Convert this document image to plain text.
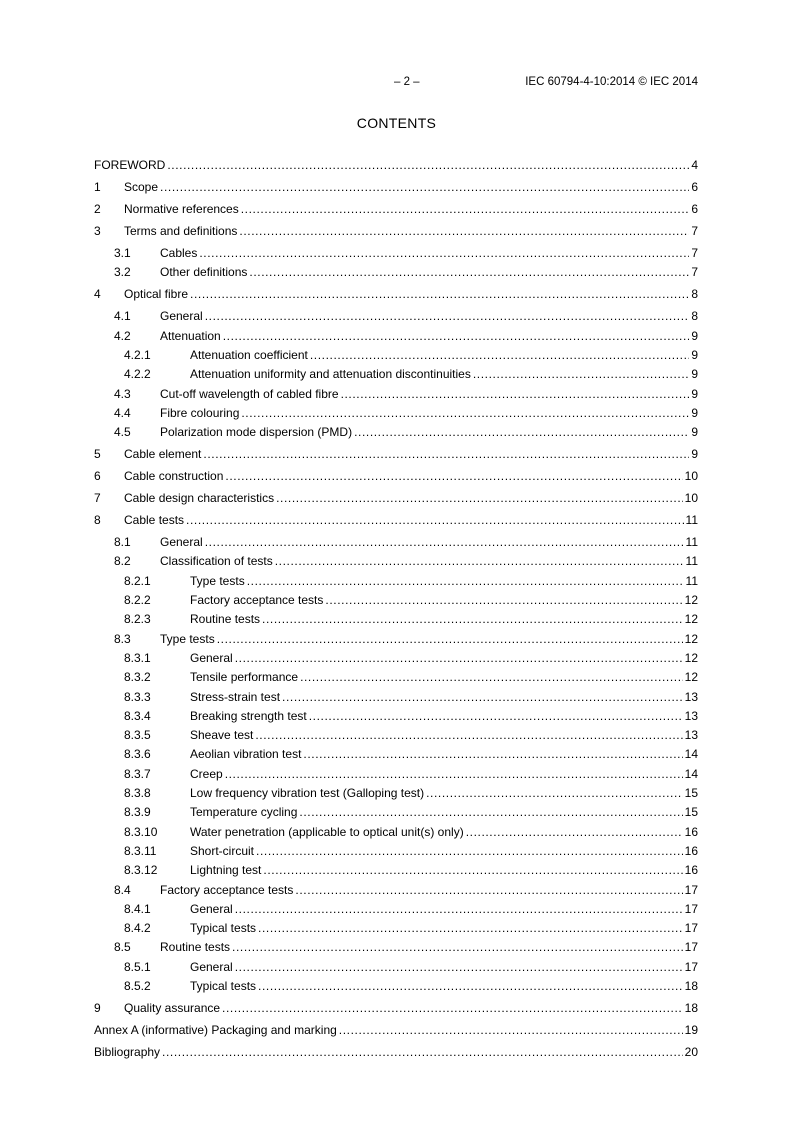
– 2 –	IEC 60794-4-10:2014 © IEC 2014
CONTENTS
FOREWORD .....	4
1	Scope .....	6
2	Normative references .....	6
3	Terms and definitions .....	7
3.1	Cables .....	7
3.2	Other definitions .....	7
4	Optical fibre .....	8
4.1	General .....	8
4.2	Attenuation .....	9
4.2.1	Attenuation coefficient .....	9
4.2.2	Attenuation uniformity and attenuation discontinuities .....	9
4.3	Cut-off wavelength of cabled fibre .....	9
4.4	Fibre colouring .....	9
4.5	Polarization mode dispersion (PMD) .....	9
5	Cable element .....	9
6	Cable construction .....	10
7	Cable design characteristics .....	10
8	Cable tests .....	11
8.1	General .....	11
8.2	Classification of tests .....	11
8.2.1	Type tests .....	11
8.2.2	Factory acceptance tests .....	12
8.2.3	Routine tests .....	12
8.3	Type tests .....	12
8.3.1	General .....	12
8.3.2	Tensile performance .....	12
8.3.3	Stress-strain test .....	13
8.3.4	Breaking strength test .....	13
8.3.5	Sheave test .....	13
8.3.6	Aeolian vibration test .....	14
8.3.7	Creep .....	14
8.3.8	Low frequency vibration test (Galloping test) .....	15
8.3.9	Temperature cycling .....	15
8.3.10	Water penetration (applicable to optical unit(s) only) .....	16
8.3.11	Short-circuit .....	16
8.3.12	Lightning test .....	16
8.4	Factory acceptance tests .....	17
8.4.1	General .....	17
8.4.2	Typical tests .....	17
8.5	Routine tests .....	17
8.5.1	General .....	17
8.5.2	Typical tests .....	18
9	Quality assurance .....	18
Annex A (informative) Packaging and marking .....	19
Bibliography .....	20
